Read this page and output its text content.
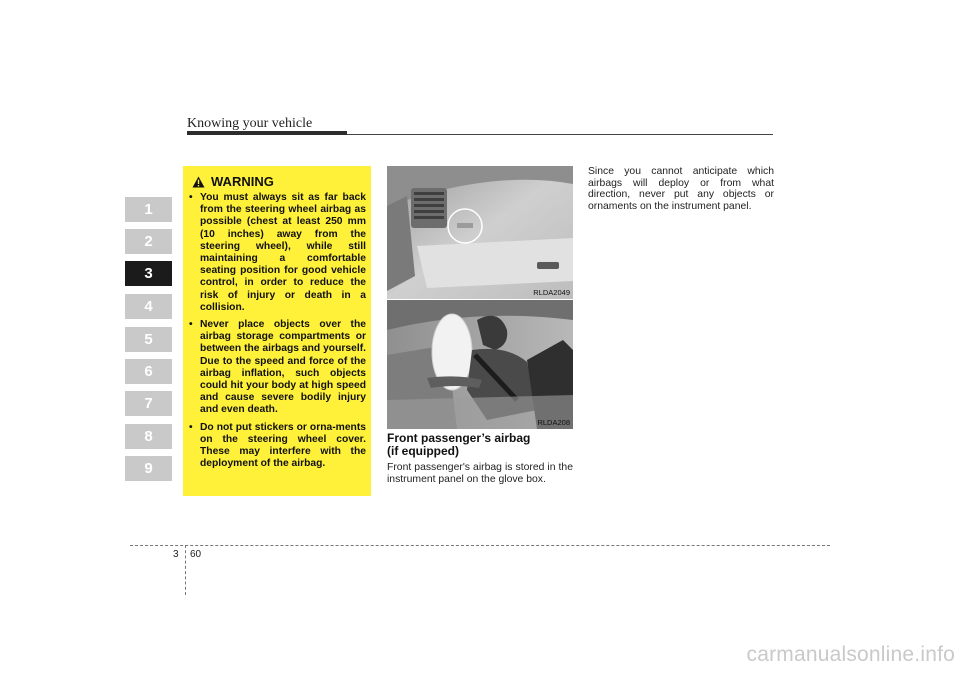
Knowing your vehicle
1
2
3
4
5
6
7
8
9
WARNING
• You must always sit as far back from the steering wheel airbag as possible (chest at least 250 mm (10 inches) away from the steering wheel), while still maintaining a comfortable seating position for good vehicle control, in order to reduce the risk of injury or death in a collision.
• Never place objects over the airbag storage compartments or between the airbags and yourself. Due to the speed and force of the airbag inflation, such objects could hit your body at high speed and cause severe bodily injury and even death.
• Do not put stickers or orna-ments on the steering wheel cover. These may interfere with the deployment of the airbag.
RLDA2049
RLDA208
Front passenger’s airbag
(if equipped)
Front passenger's airbag is stored in the instrument panel on the glove box.
Since you cannot anticipate which airbags will deploy or from what direction, never put any objects or ornaments on the instrument panel.
3 60
carmanualsonline.info
